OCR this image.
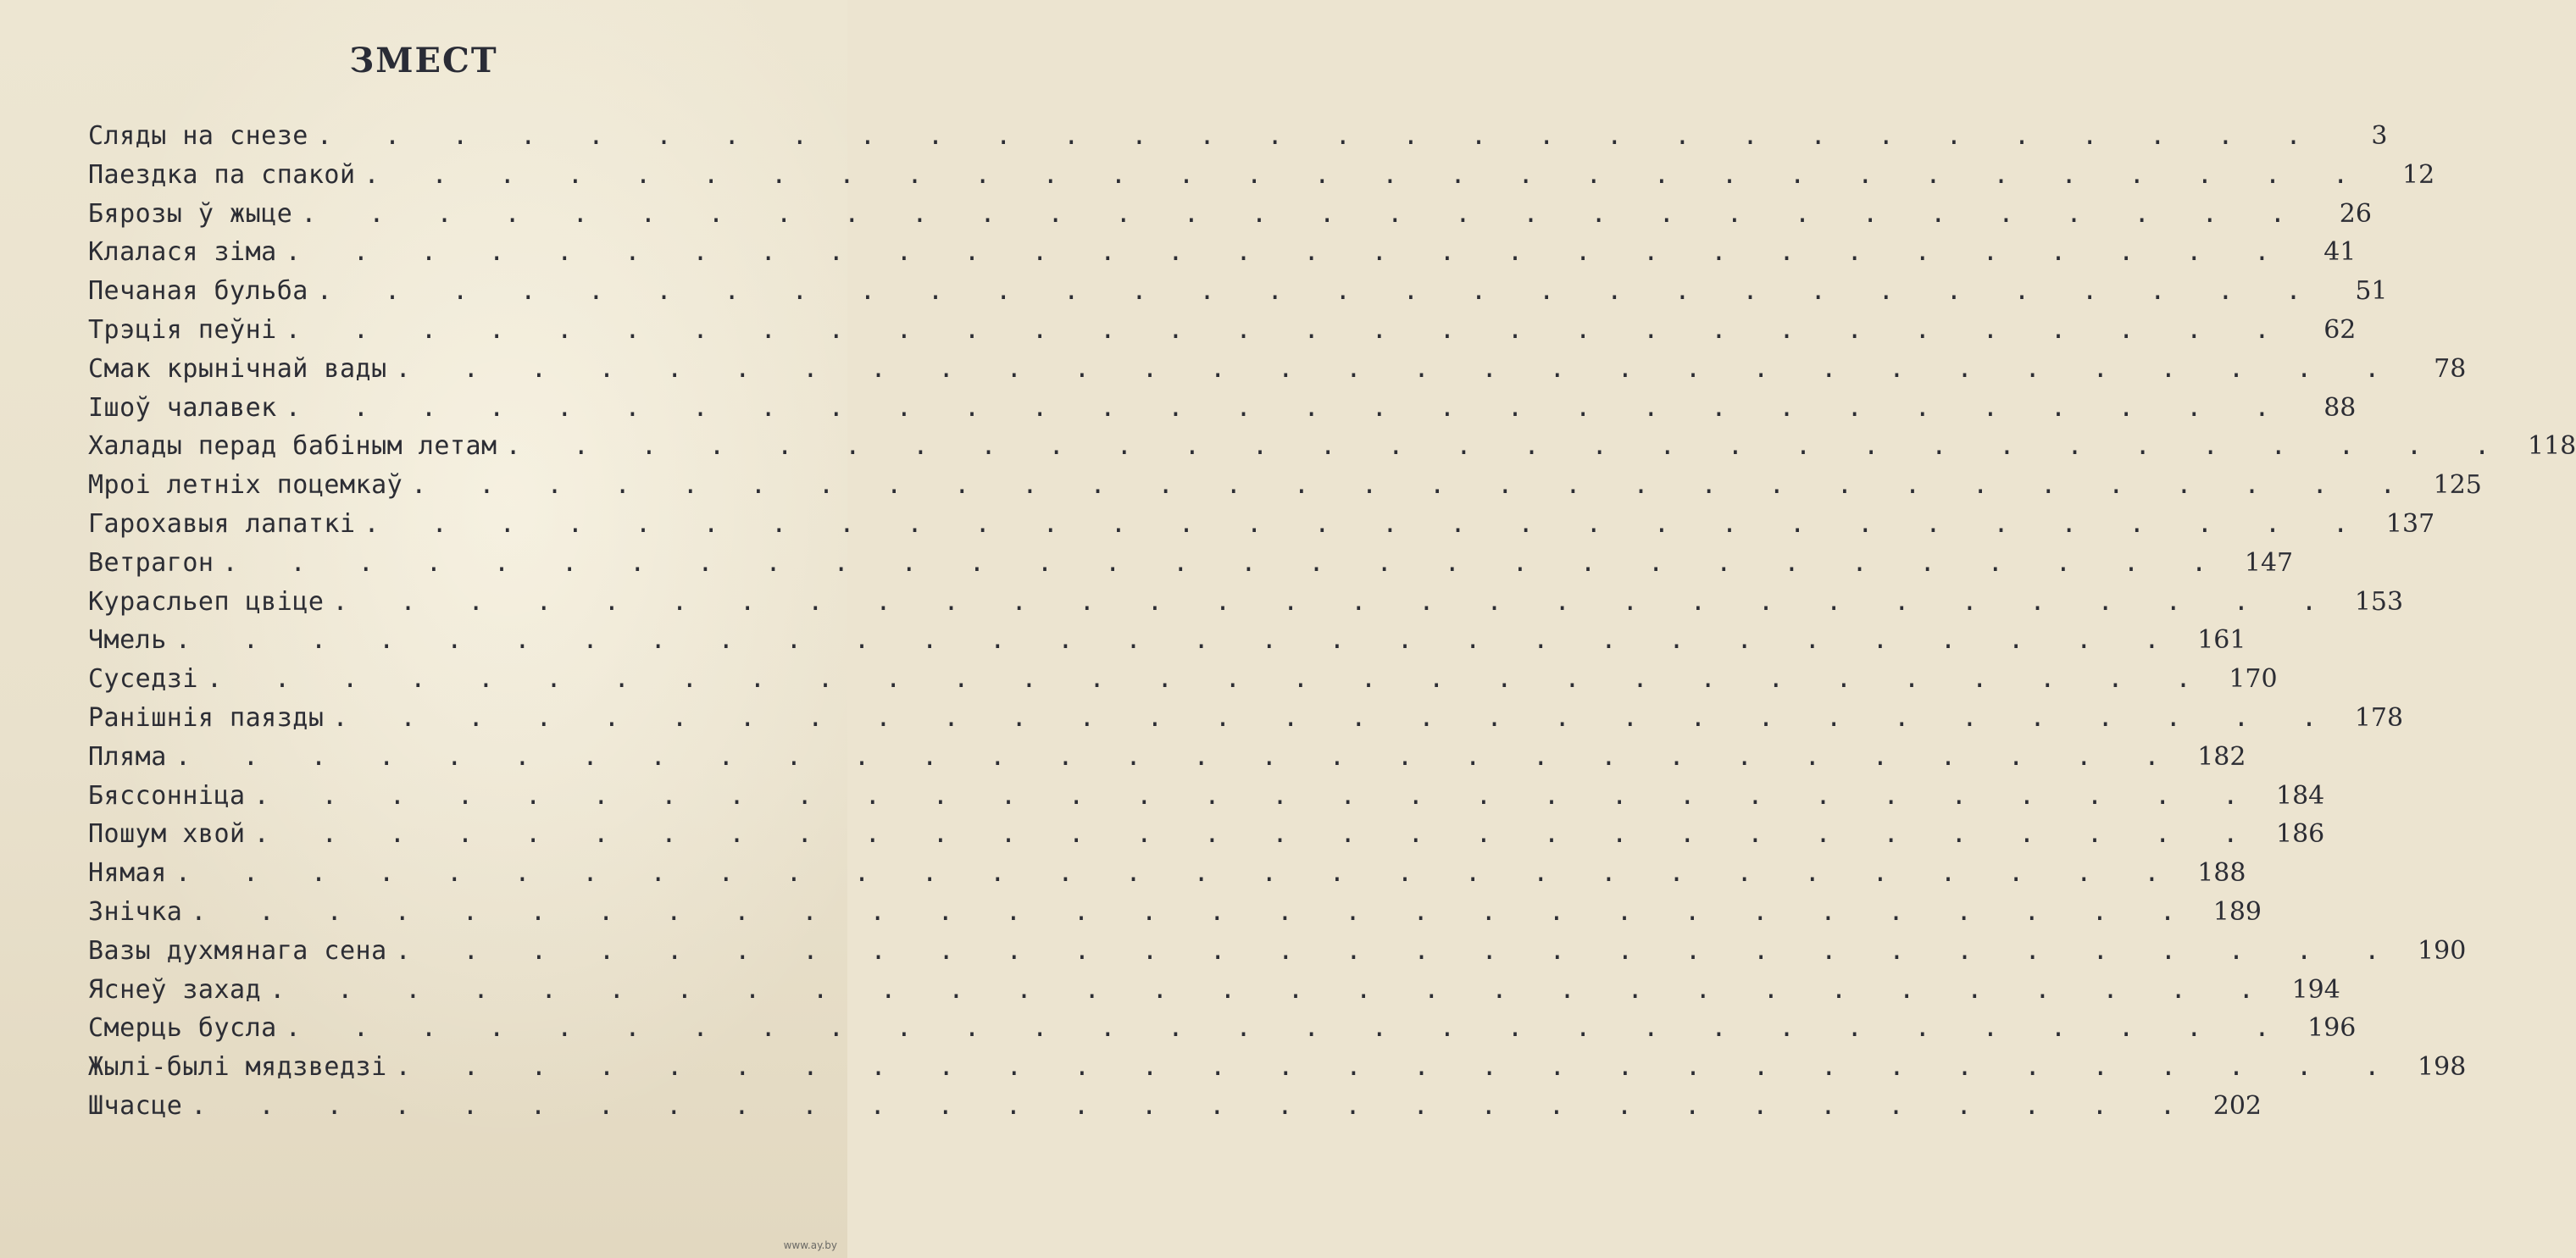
ЗМЕСТ
Сляды на снезе . . . . . . . . . . . . . . . . . . . . . . . . . . . . . .	3
Паездка па спакой . . . . . . . . . . . . . . . . . . . . . . . . . . . . . .	12
Бярозы ў жыце . . . . . . . . . . . . . . . . . . . . . . . . . . . . . .	26
Клалася зіма . . . . . . . . . . . . . . . . . . . . . . . . . . . . . .	41
Печаная бульба . . . . . . . . . . . . . . . . . . . . . . . . . . . . . .	51
Трэція пеўні . . . . . . . . . . . . . . . . . . . . . . . . . . . . . .	62
Смак крынічнай вады . . . . . . . . . . . . . . . . . . . . . . . . . . . . . .	78
Ішоў чалавек . . . . . . . . . . . . . . . . . . . . . . . . . . . . . .	88
Халады перад бабіным летам . . . . . . . . . . . . . . . . . . . . . . . . . . . . . . 118
Мроі летніх поцемкаў . . . . . . . . . . . . . . . . . . . . . . . . . . . . . . 125
Гарохавыя лапаткі . . . . . . . . . . . . . . . . . . . . . . . . . . . . . . 137
Ветрагон . . . . . . . . . . . . . . . . . . . . . . . . . . . . . . 147
Курасльеп цвіце . . . . . . . . . . . . . . . . . . . . . . . . . . . . . . 153
Чмель . . . . . . . . . . . . . . . . . . . . . . . . . . . . . . 161
Суседзі . . . . . . . . . . . . . . . . . . . . . . . . . . . . . . 170
Ранішнія паязды . . . . . . . . . . . . . . . . . . . . . . . . . . . . . . 178
Пляма . . . . . . . . . . . . . . . . . . . . . . . . . . . . . . 182
Бяссонніца . . . . . . . . . . . . . . . . . . . . . . . . . . . . . . 184
Пошум хвой . . . . . . . . . . . . . . . . . . . . . . . . . . . . . . 186
Нямая . . . . . . . . . . . . . . . . . . . . . . . . . . . . . . 188
Знічка . . . . . . . . . . . . . . . . . . . . . . . . . . . . . . 189
Вазы духмянага сена . . . . . . . . . . . . . . . . . . . . . . . . . . . . . . 190
Яснеў захад . . . . . . . . . . . . . . . . . . . . . . . . . . . . . . 194
Смерць бусла . . . . . . . . . . . . . . . . . . . . . . . . . . . . . . 196
Жылі-былі мядзведзі . . . . . . . . . . . . . . . . . . . . . . . . . . . . . . 198
Шчасце . . . . . . . . . . . . . . . . . . . . . . . . . . . . . . 202
www.ay.by
